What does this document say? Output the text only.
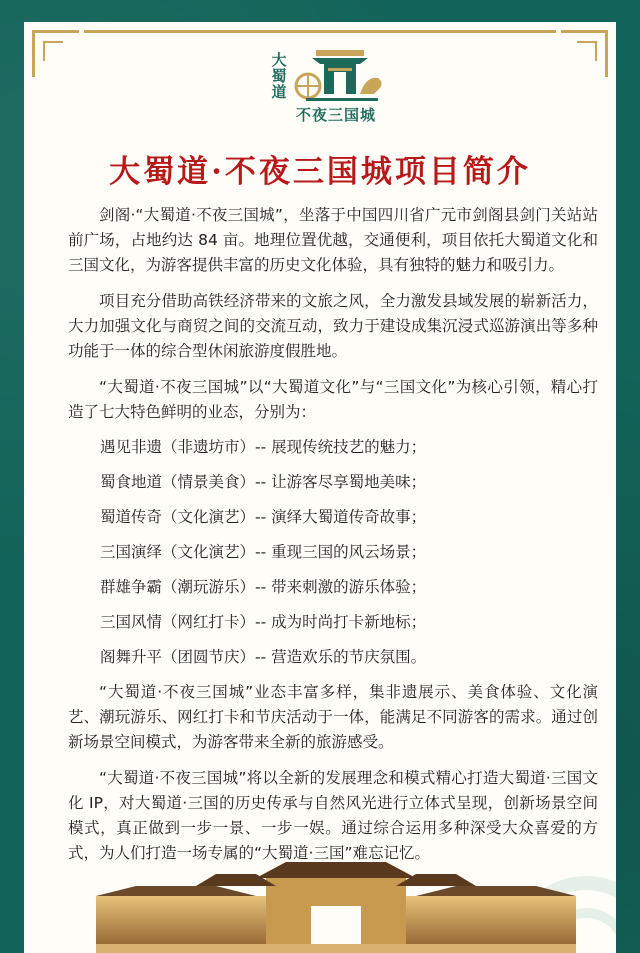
大
蜀
道
不夜三国城
大蜀道·不夜三国城项目简介

剑阁·“大蜀道·不夜三国城”，坐落于中国四川省广元市剑阁县剑门关站站前广场，占地约达 84 亩。地理位置优越，交通便利，项目依托大蜀道文化和三国文化，为游客提供丰富的历史文化体验，具有独特的魅力和吸引力。

项目充分借助高铁经济带来的文旅之风，全力激发县域发展的崭新活力，大力加强文化与商贸之间的交流互动，致力于建设成集沉浸式巡游演出等多种功能于一体的综合型休闲旅游度假胜地。

“大蜀道·不夜三国城”以“大蜀道文化”与“三国文化”为核心引领，精心打造了七大特色鲜明的业态，分别为：

遇见非遗（非遗坊市）-- 展现传统技艺的魅力；
蜀食地道（情景美食）-- 让游客尽享蜀地美味；
蜀道传奇（文化演艺）-- 演绎大蜀道传奇故事；
三国演绎（文化演艺）-- 重现三国的风云场景；
群雄争霸（潮玩游乐）-- 带来刺激的游乐体验；
三国风情（网红打卡）-- 成为时尚打卡新地标；
阁舞升平（团圆节庆）-- 营造欢乐的节庆氛围。

“大蜀道·不夜三国城”业态丰富多样，集非遗展示、美食体验、文化演艺、潮玩游乐、网红打卡和节庆活动于一体，能满足不同游客的需求。通过创新场景空间模式，为游客带来全新的旅游感受。

“大蜀道·不夜三国城”将以全新的发展理念和模式精心打造大蜀道·三国文化 IP，对大蜀道·三国的历史传承与自然风光进行立体式呈现，创新场景空间模式，真正做到一步一景、一步一娱。通过综合运用多种深受大众喜爱的方式，为人们打造一场专属的“大蜀道·三国”难忘记忆。
